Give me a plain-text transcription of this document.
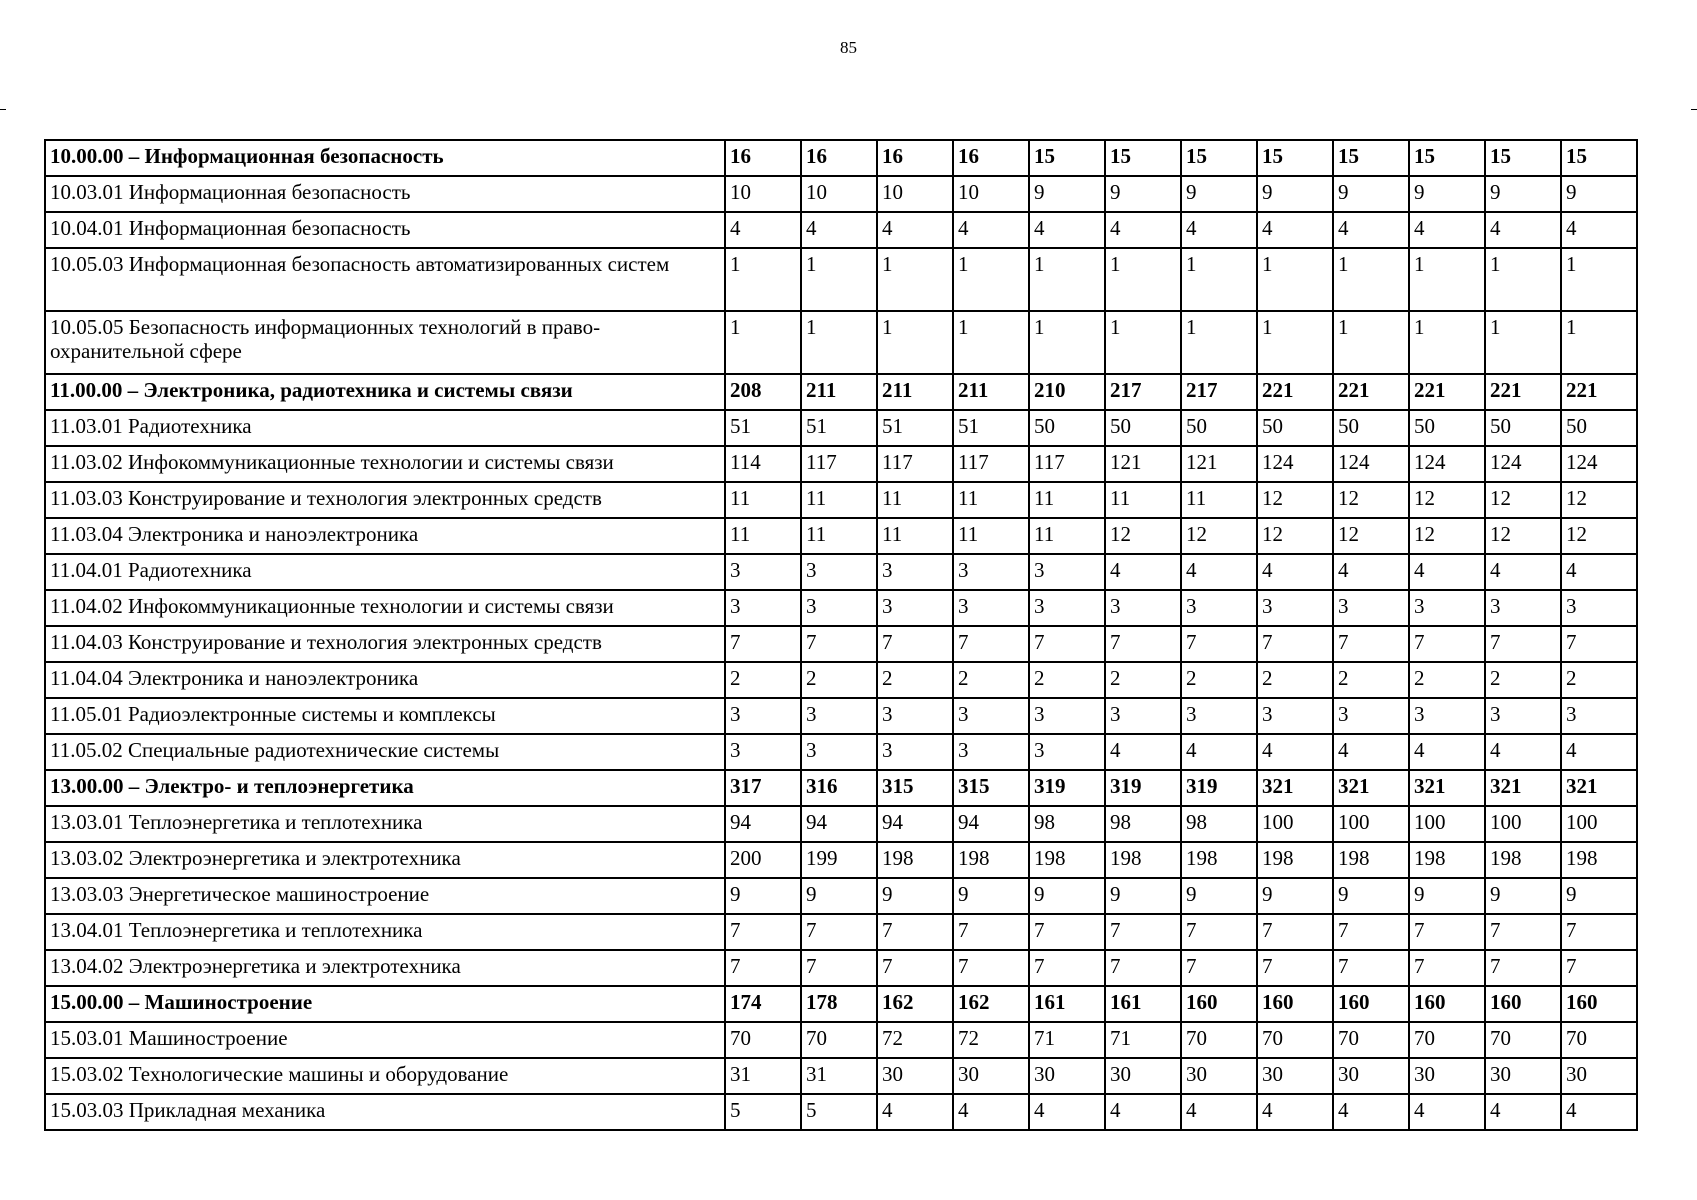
85
10.00.00 – Информационная безопасность	16	16	16	16	15	15	15	15	15	15	15	15
10.03.01 Информационная безопасность	10	10	10	10	9	9	9	9	9	9	9	9
10.04.01 Информационная безопасность	4	4	4	4	4	4	4	4	4	4	4	4
10.05.03 Информационная безопасность автоматизированных систем	1	1	1	1	1	1	1	1	1	1	1	1
10.05.05 Безопасность информационных технологий в право-охранительной сфере	1	1	1	1	1	1	1	1	1	1	1	1
11.00.00 – Электроника, радиотехника и системы связи	208	211	211	211	210	217	217	221	221	221	221	221
11.03.01 Радиотехника	51	51	51	51	50	50	50	50	50	50	50	50
11.03.02 Инфокоммуникационные технологии и системы связи	114	117	117	117	117	121	121	124	124	124	124	124
11.03.03 Конструирование и технология электронных средств	11	11	11	11	11	11	11	12	12	12	12	12
11.03.04 Электроника и наноэлектроника	11	11	11	11	11	12	12	12	12	12	12	12
11.04.01 Радиотехника	3	3	3	3	3	4	4	4	4	4	4	4
11.04.02 Инфокоммуникационные технологии и системы связи	3	3	3	3	3	3	3	3	3	3	3	3
11.04.03 Конструирование и технология электронных средств	7	7	7	7	7	7	7	7	7	7	7	7
11.04.04 Электроника и наноэлектроника	2	2	2	2	2	2	2	2	2	2	2	2
11.05.01 Радиоэлектронные системы и комплексы	3	3	3	3	3	3	3	3	3	3	3	3
11.05.02 Специальные радиотехнические системы	3	3	3	3	3	4	4	4	4	4	4	4
13.00.00 – Электро- и теплоэнергетика	317	316	315	315	319	319	319	321	321	321	321	321
13.03.01 Теплоэнергетика и теплотехника	94	94	94	94	98	98	98	100	100	100	100	100
13.03.02 Электроэнергетика и электротехника	200	199	198	198	198	198	198	198	198	198	198	198
13.03.03 Энергетическое машиностроение	9	9	9	9	9	9	9	9	9	9	9	9
13.04.01 Теплоэнергетика и теплотехника	7	7	7	7	7	7	7	7	7	7	7	7
13.04.02 Электроэнергетика и электротехника	7	7	7	7	7	7	7	7	7	7	7	7
15.00.00 – Машиностроение	174	178	162	162	161	161	160	160	160	160	160	160
15.03.01 Машиностроение	70	70	72	72	71	71	70	70	70	70	70	70
15.03.02 Технологические машины и оборудование	31	31	30	30	30	30	30	30	30	30	30	30
15.03.03 Прикладная механика	5	5	4	4	4	4	4	4	4	4	4	4
